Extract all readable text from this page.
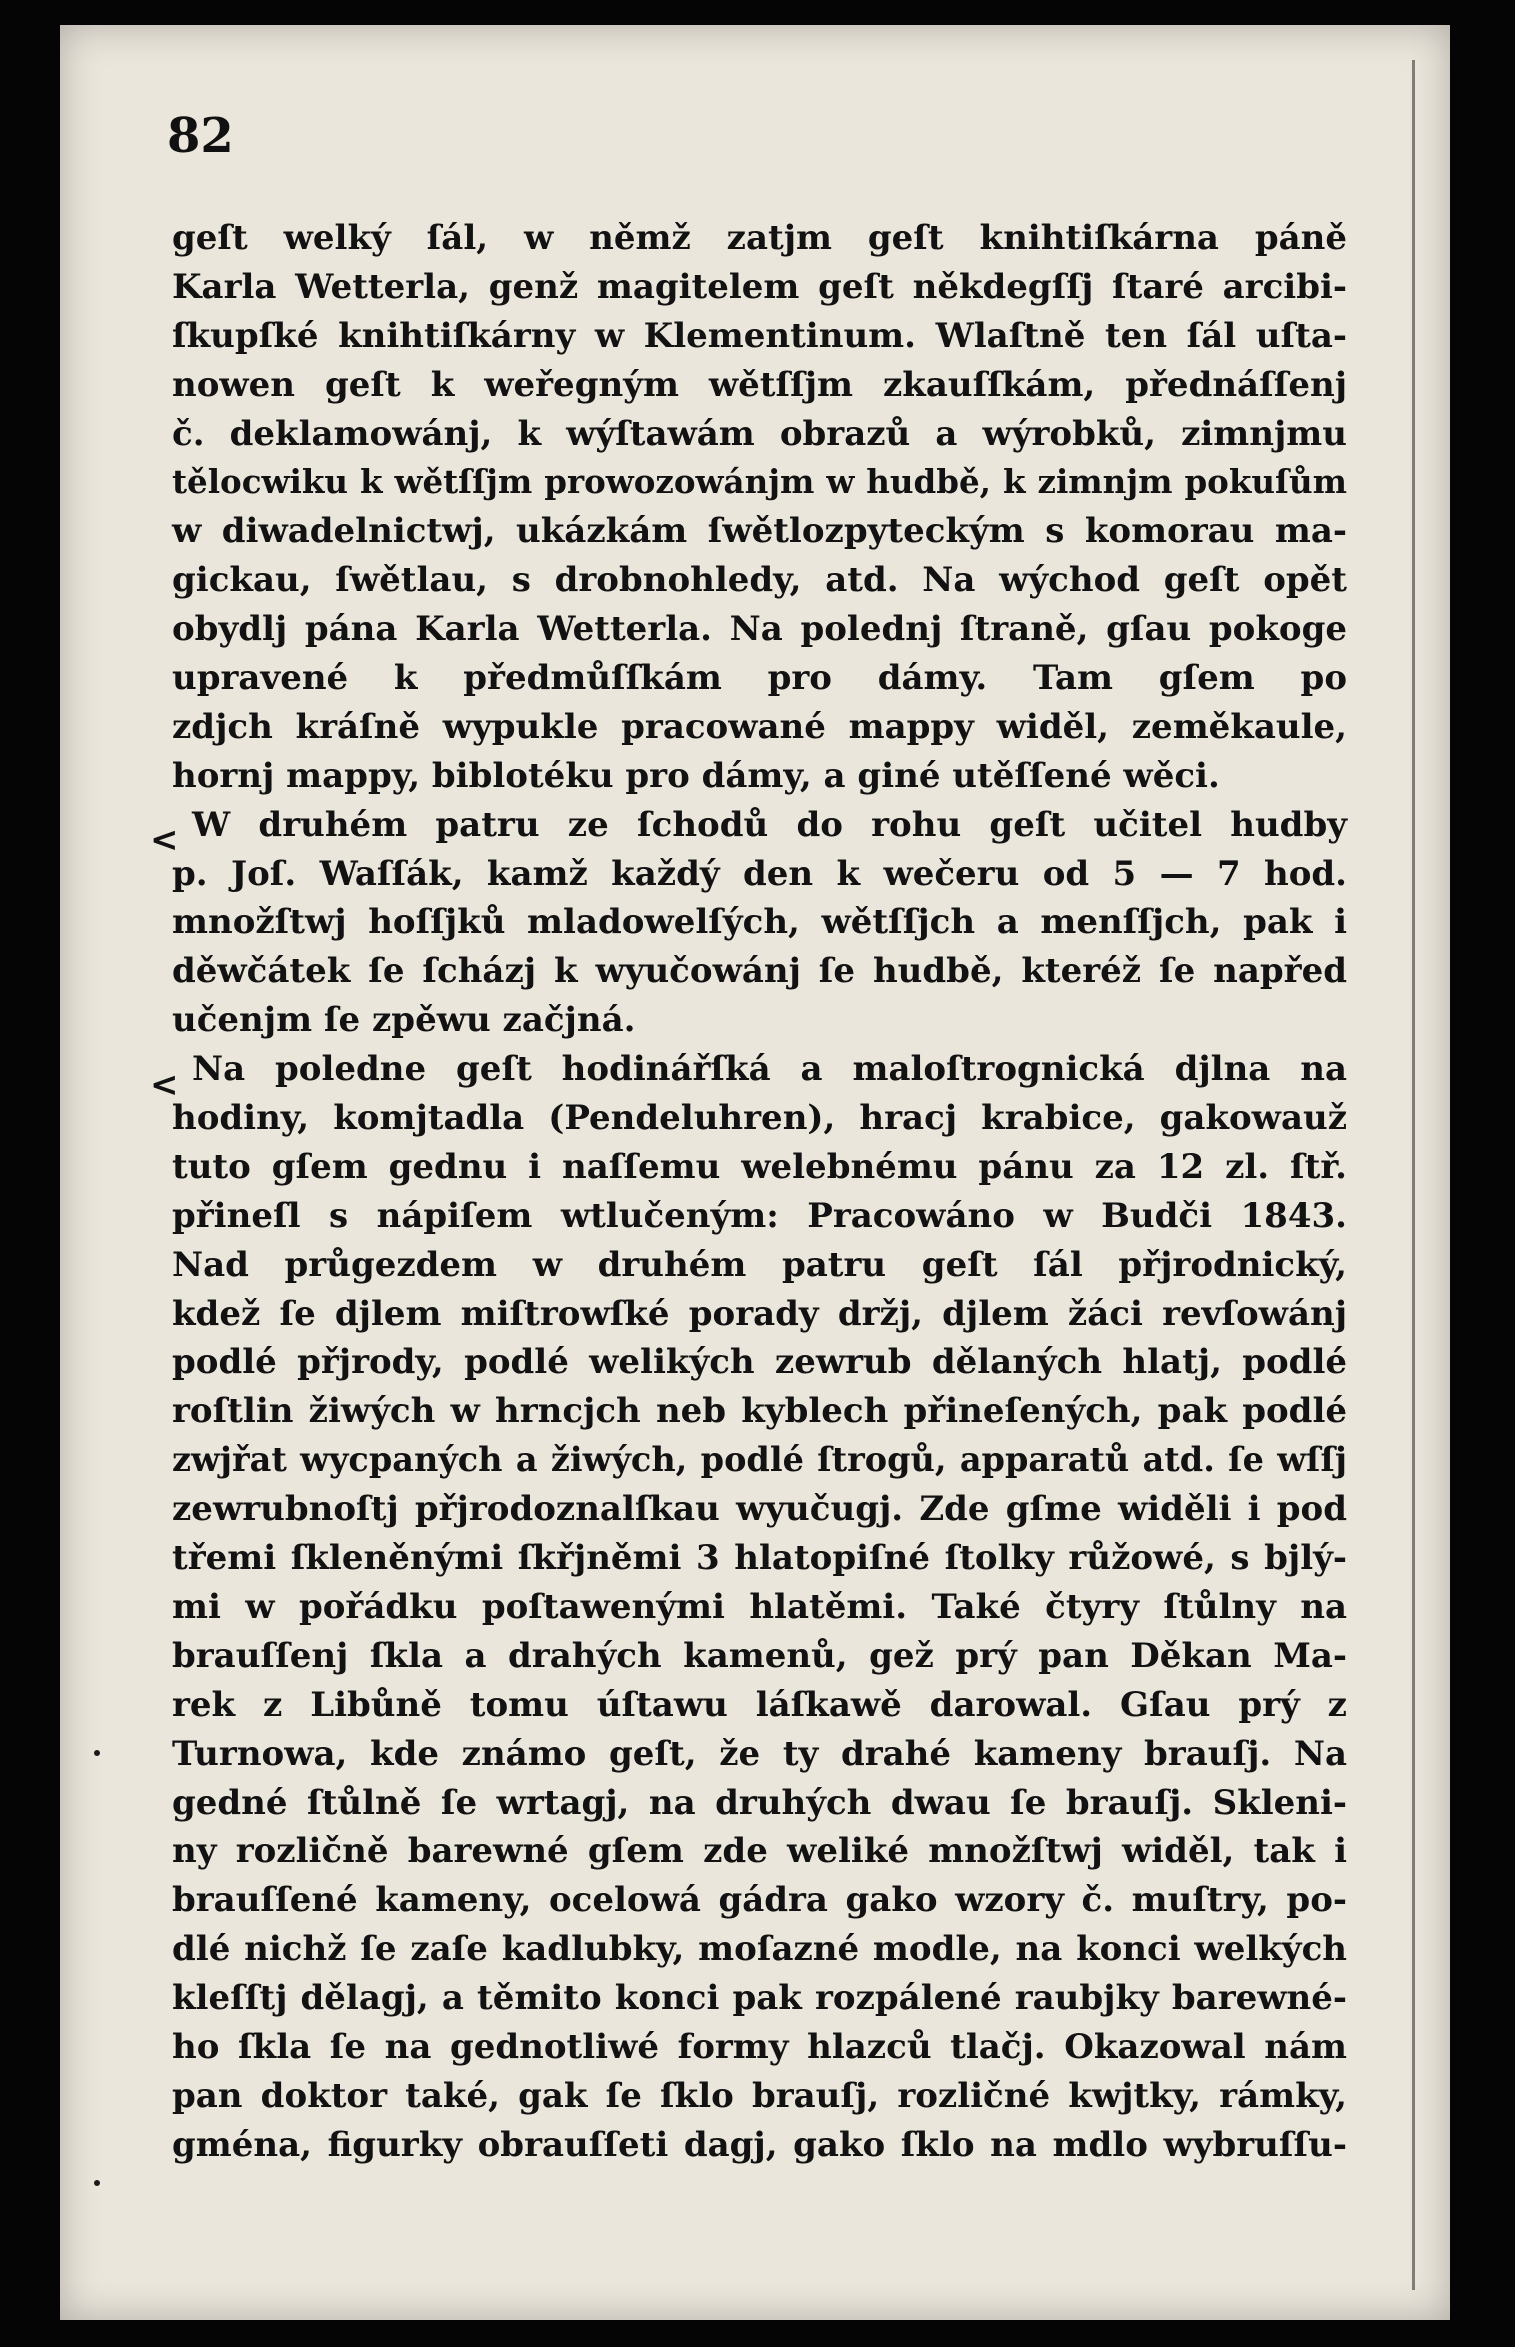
82
geſt welký ſál, w němž zatjm geſt knihtiſkárna páně
Karla Wetterla, genž magitelem geſt někdegſſj ſtaré arcibi-
ſkupſké knihtiſkárny w Klementinum. Wlaſtně ten ſál uſta-
nowen geſt k weřegným wětſſjm zkauſſkám, přednáſſenj
č. deklamowánj, k wýſtawám obrazů a wýrobků, zimnjmu
tělocwiku k wětſſjm prowozowánjm w hudbě, k zimnjm pokuſům
w diwadelnictwj, ukázkám ſwětlozpyteckým s komorau ma-
gickau, ſwětlau, s drobnohledy, atd. Na wýchod geſt opět
obydlj pána Karla Wetterla. Na polednj ſtraně, gſau pokoge
upravené k předmůſſkám pro dámy. Tam gſem po
zdjch kráſně wypukle pracowané mappy widěl, zeměkaule,
hornj mappy, biblotéku pro dámy, a giné utěſſené wěci.
W druhém patru ze ſchodů do rohu geſt učitel hudby
p. Joſ. Waſſák, kamž každý den k wečeru od 5 — 7 hod.
množſtwj hoſſjků mladowelſých, wětſſjch a menſſjch, pak i
děwčátek ſe ſcházj k wyučowánj ſe hudbě, kteréž ſe napřed
učenjm ſe zpěwu začjná.
Na poledne geſt hodinářſká a maloſtrognická djlna na
hodiny, komjtadla (Pendeluhren), hracj krabice, gakowauž
tuto gſem gednu i naſſemu welebnému pánu za 12 zl. ſtř.
přineſl s nápiſem wtlučeným: Pracowáno w Budči 1843.
Nad průgezdem w druhém patru geſt ſál přjrodnický,
kdež ſe djlem miſtrowſké porady držj, djlem žáci revſowánj
podlé přjrody, podlé welikých zewrub dělaných hlatj, podlé
roſtlin žiwých w hrncjch neb kyblech přineſených, pak podlé
zwjřat wycpaných a žiwých, podlé ſtrogů, apparatů atd. ſe wſſj
zewrubnoſtj přjrodoznalſkau wyučugj. Zde gſme widěli i pod
třemi ſkleněnými ſkřjněmi 3 hlatopiſné ſtolky růžowé, s bjlý-
mi w pořádku poſtawenými hlatěmi. Také čtyry ſtůlny na
brauſſenj ſkla a drahých kamenů, gež prý pan Děkan Ma-
rek z Libůně tomu úſtawu láſkawě darowal. Gſau prý z
Turnowa, kde známo geſt, že ty drahé kameny brauſj. Na
gedné ſtůlně ſe wrtagj, na druhých dwau ſe brauſj. Skleni-
ny rozličně barewné gſem zde weliké množſtwj widěl, tak i
brauſſené kameny, ocelowá gádra gako wzory č. muſtry, po-
dlé nichž ſe zaſe kadlubky, moſazné modle, na konci welkých
kleſſtj dělagj, a těmito konci pak rozpálené raubjky barewné-
ho ſkla ſe na gednotliwé formy hlazců tlačj. Okazowal nám
pan doktor také, gak ſe ſklo brauſj, rozličné kwjtky, rámky,
gména, figurky obrauſſeti dagj, gako ſklo na mdlo wybruſſu-
<
<
